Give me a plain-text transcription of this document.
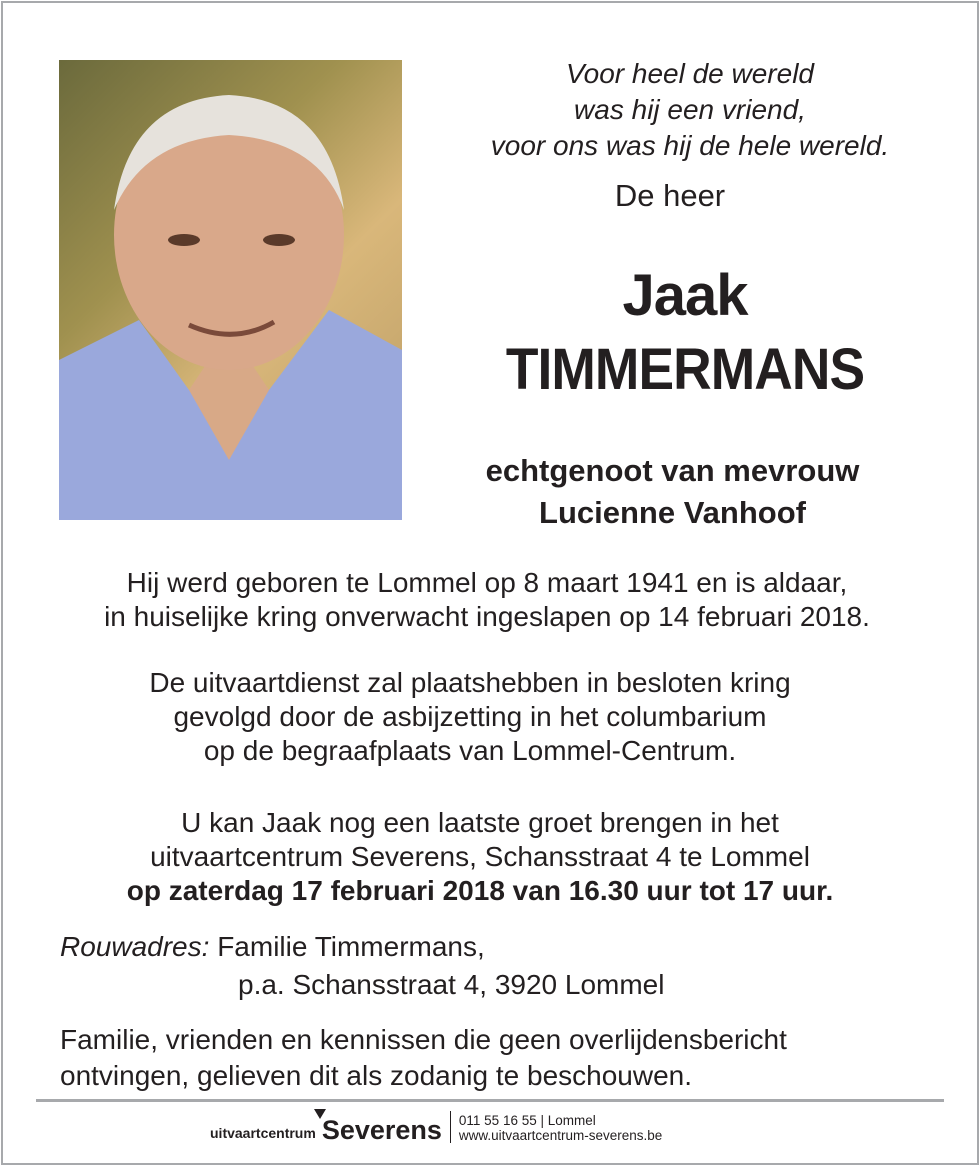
Voor heel de wereld
was hij een vriend,
voor ons was hij de hele wereld.
De heer
Jaak
TIMMERMANS
echtgenoot van mevrouw
Lucienne Vanhoof
Hij werd geboren te Lommel op 8 maart 1941 en is aldaar,
in huiselijke kring onverwacht ingeslapen op 14 februari 2018.
De uitvaartdienst zal plaatshebben in besloten kring
gevolgd door de asbijzetting in het columbarium
op de begraafplaats van Lommel-Centrum.
U kan Jaak nog een laatste groet brengen in het
uitvaartcentrum Severens, Schansstraat 4 te Lommel
op zaterdag 17 februari 2018 van 16.30 uur tot 17 uur.
Rouwadres: Familie Timmermans,
p.a. Schansstraat 4, 3920 Lommel
Familie, vrienden en kennissen die geen overlijdensbericht
ontvingen, gelieven dit als zodanig te beschouwen.
uitvaartcentrum Severens 011 55 16 55 | Lommel
www.uitvaartcentrum-severens.be
